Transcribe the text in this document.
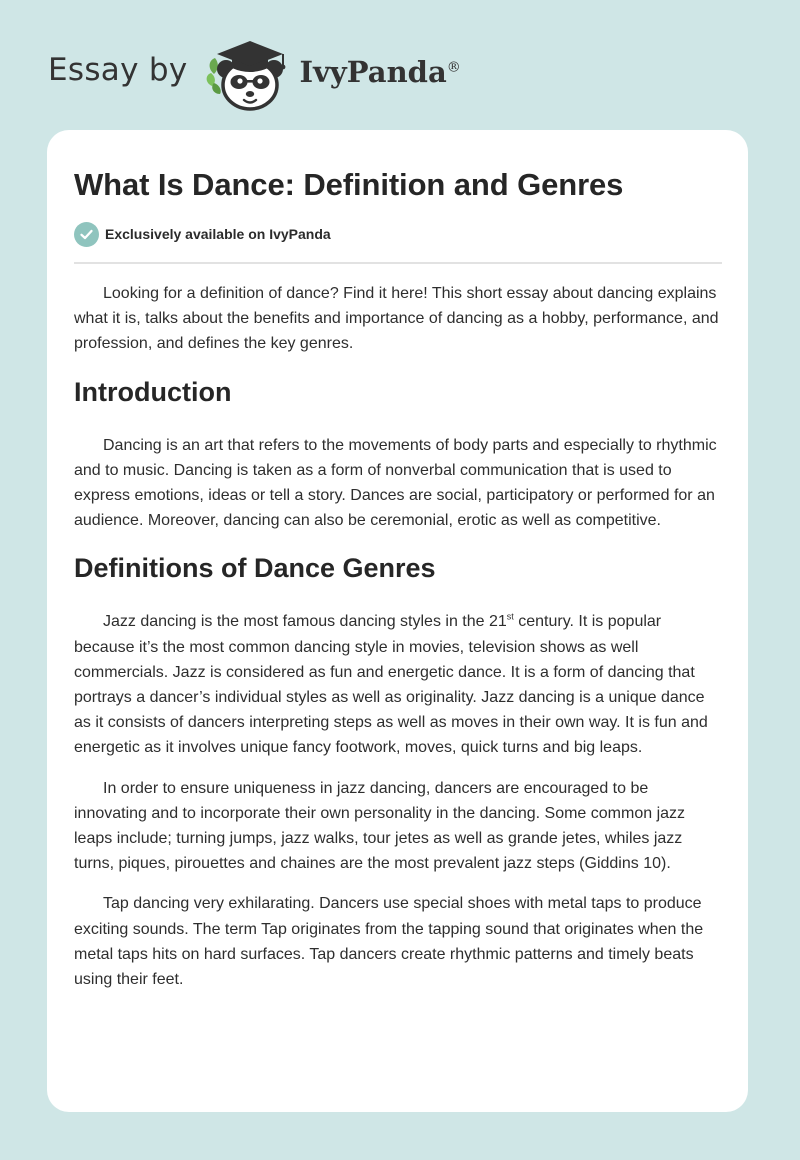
Essay by	IvyPanda®
What Is Dance: Definition and Genres
Exclusively available on IvyPanda

Looking for a definition of dance? Find it here! This short essay about dancing explains what it is, talks about the benefits and importance of dancing as a hobby, performance, and profession, and defines the key genres.

Introduction

Dancing is an art that refers to the movements of body parts and especially to rhythmic and to music. Dancing is taken as a form of nonverbal communication that is used to express emotions, ideas or tell a story. Dances are social, participatory or performed for an audience. Moreover, dancing can also be ceremonial, erotic as well as competitive.

Definitions of Dance Genres

Jazz dancing is the most famous dancing styles in the 21st century. It is popular because it’s the most common dancing style in movies, television shows as well commercials. Jazz is considered as fun and energetic dance. It is a form of dancing that portrays a dancer’s individual styles as well as originality. Jazz dancing is a unique dance as it consists of dancers interpreting steps as well as moves in their own way. It is fun and energetic as it involves unique fancy footwork, moves, quick turns and big leaps.

In order to ensure uniqueness in jazz dancing, dancers are encouraged to be innovating and to incorporate their own personality in the dancing. Some common jazz leaps include; turning jumps, jazz walks, tour jetes as well as grande jetes, whiles jazz turns, piques, pirouettes and chaines are the most prevalent jazz steps (Giddins 10).

Tap dancing very exhilarating. Dancers use special shoes with metal taps to produce exciting sounds. The term Tap originates from the tapping sound that originates when the metal taps hits on hard surfaces. Tap dancers create rhythmic patterns and timely beats using their feet.
